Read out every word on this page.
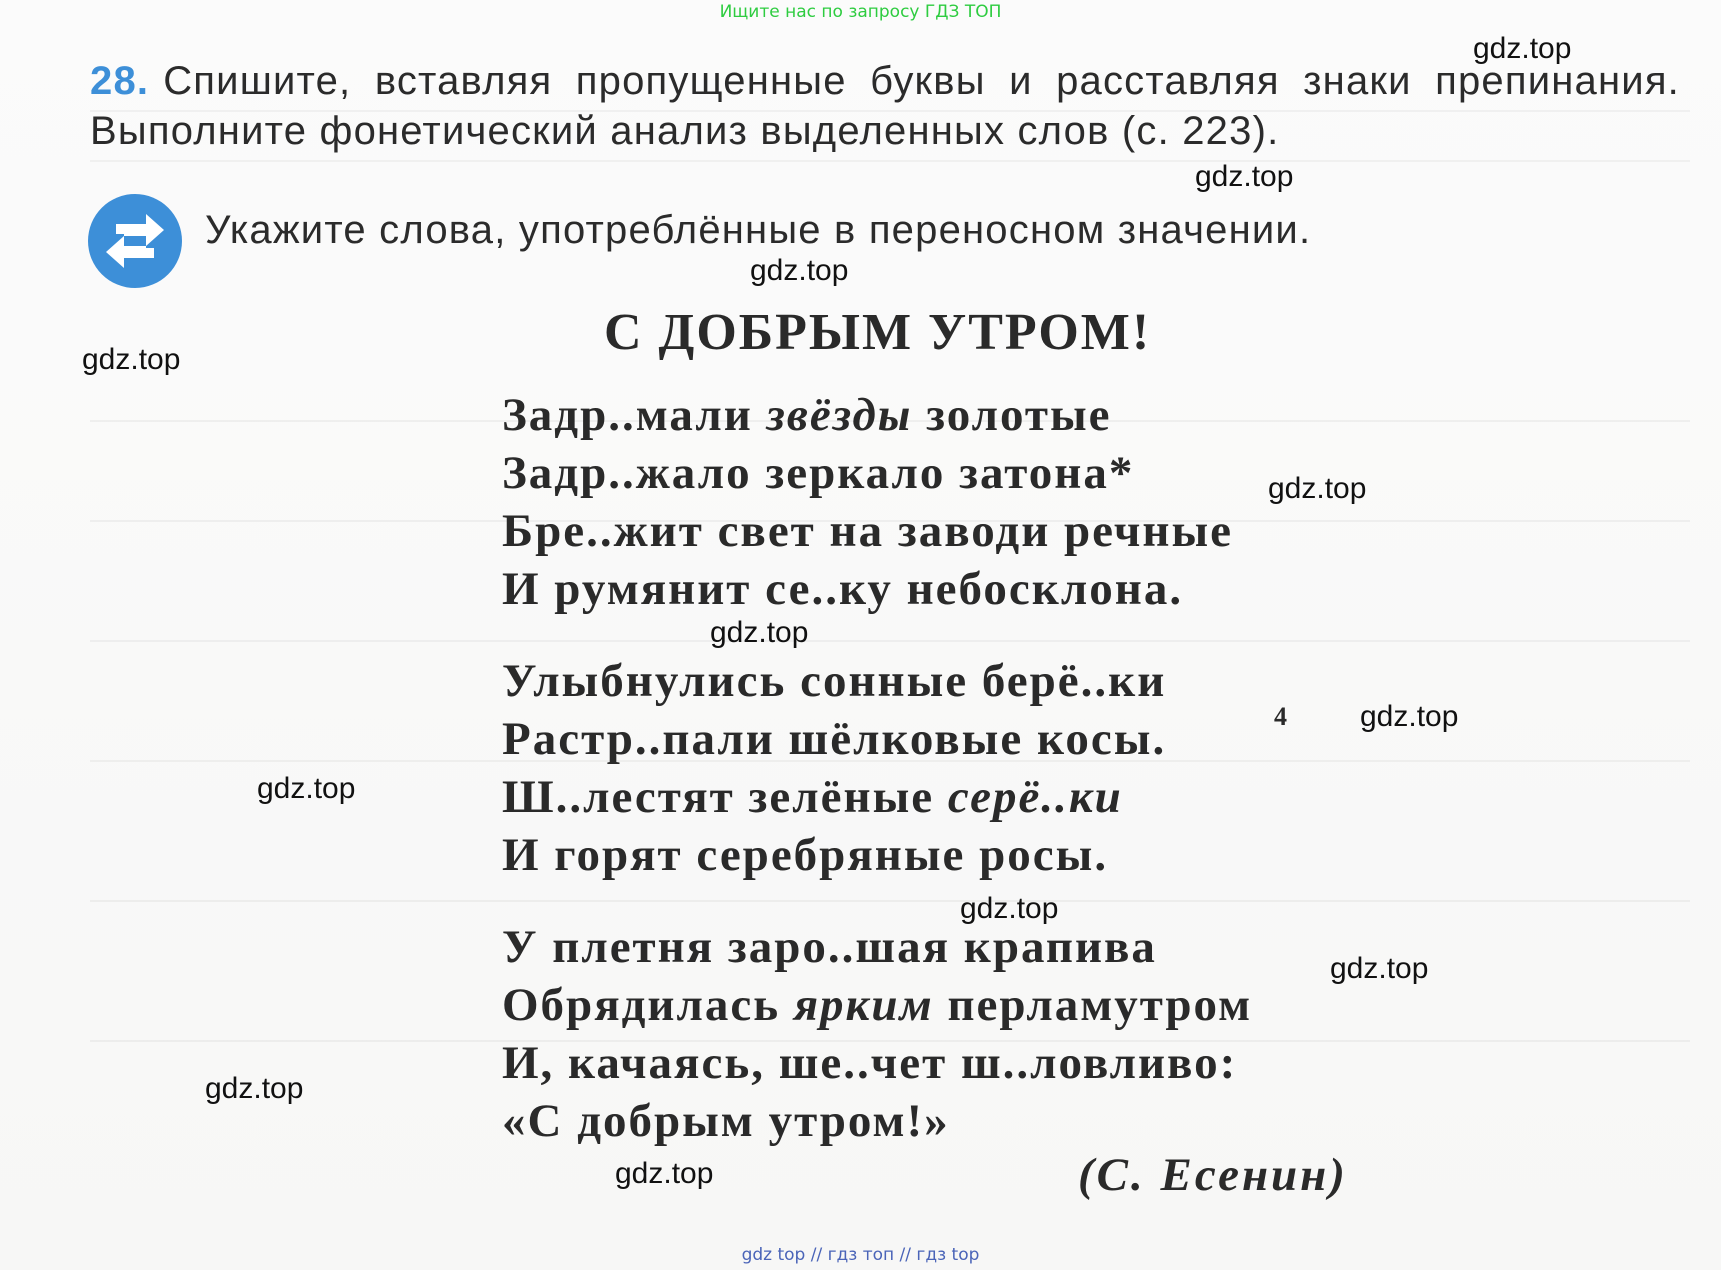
Ищите нас по запросу ГДЗ ТОП
28. Спишите, вставляя пропущенные буквы и расставляя знаки препинания. Выполните фонетический анализ выделенных слов (с. 223).
Укажите слова, употреблённые в переносном значении.
С ДОБРЫМ УТРОМ!
Задр..мали звёзды золотые
Задр..жало зеркало затона*
Бре..жит свет на заводи речные
И румянит се..ку небосклона.
Улыбнулись сонные берё..ки
Растр..пали шёлковые косы.
Ш..лестят зелёные серё..ки
И горят серебряные росы.
У плетня заро..шая крапива
Обрядилась ярким перламутром
И, качаясь, ше..чет ш..ловливо:
«С добрым утром!»
4
(С. Есенин)
gdz.top
gdz.top
gdz.top
gdz.top
gdz.top
gdz.top
gdz.top
gdz.top
gdz.top
gdz.top
gdz.top
gdz.top
gdz top // гдз топ // гдз top
